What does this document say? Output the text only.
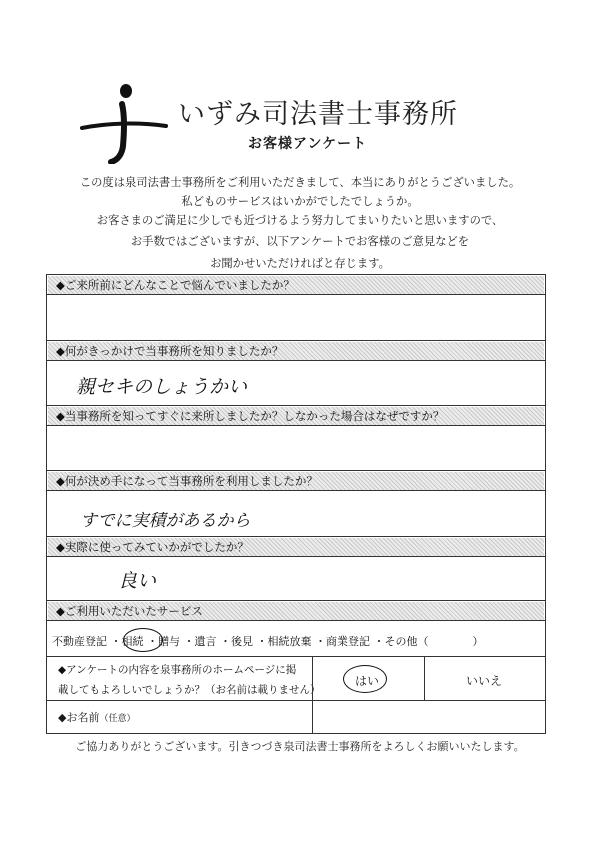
いずみ司法書士事務所
お客様アンケート
この度は泉司法書士事務所をご利用いただきまして、本当にありがとうございました。
私どものサービスはいかがでしたでしょうか。
お客さまのご満足に少しでも近づけるよう努力してまいりたいと思いますので、
お手数ではございますが、以下アンケートでお客様のご意見などを
お聞かせいただければと存じます。
◆ご来所前にどんなことで悩んでいましたか？
◆何がきっかけで当事務所を知りましたか？
親セキのしょうかい
◆当事務所を知ってすぐに来所しましたか？しなかった場合はなぜですか？
◆何が決め手になって当事務所を利用しましたか？
すでに実積があるから
◆実際に使ってみていかがでしたか？
良い
◆ご利用いただいたサービス
不動産登記 ・相続 ・贈与 ・遺言 ・後見 ・相続放棄 ・商業登記 ・その他（　　　　）
◆アンケートの内容を泉事務所のホームページに掲
載してもよろしいでしょうか？（お名前は載りません）
はい	いいえ
◆お名前（任意）
ご協力ありがとうございます。引きつづき泉司法書士事務所をよろしくお願いいたします。
